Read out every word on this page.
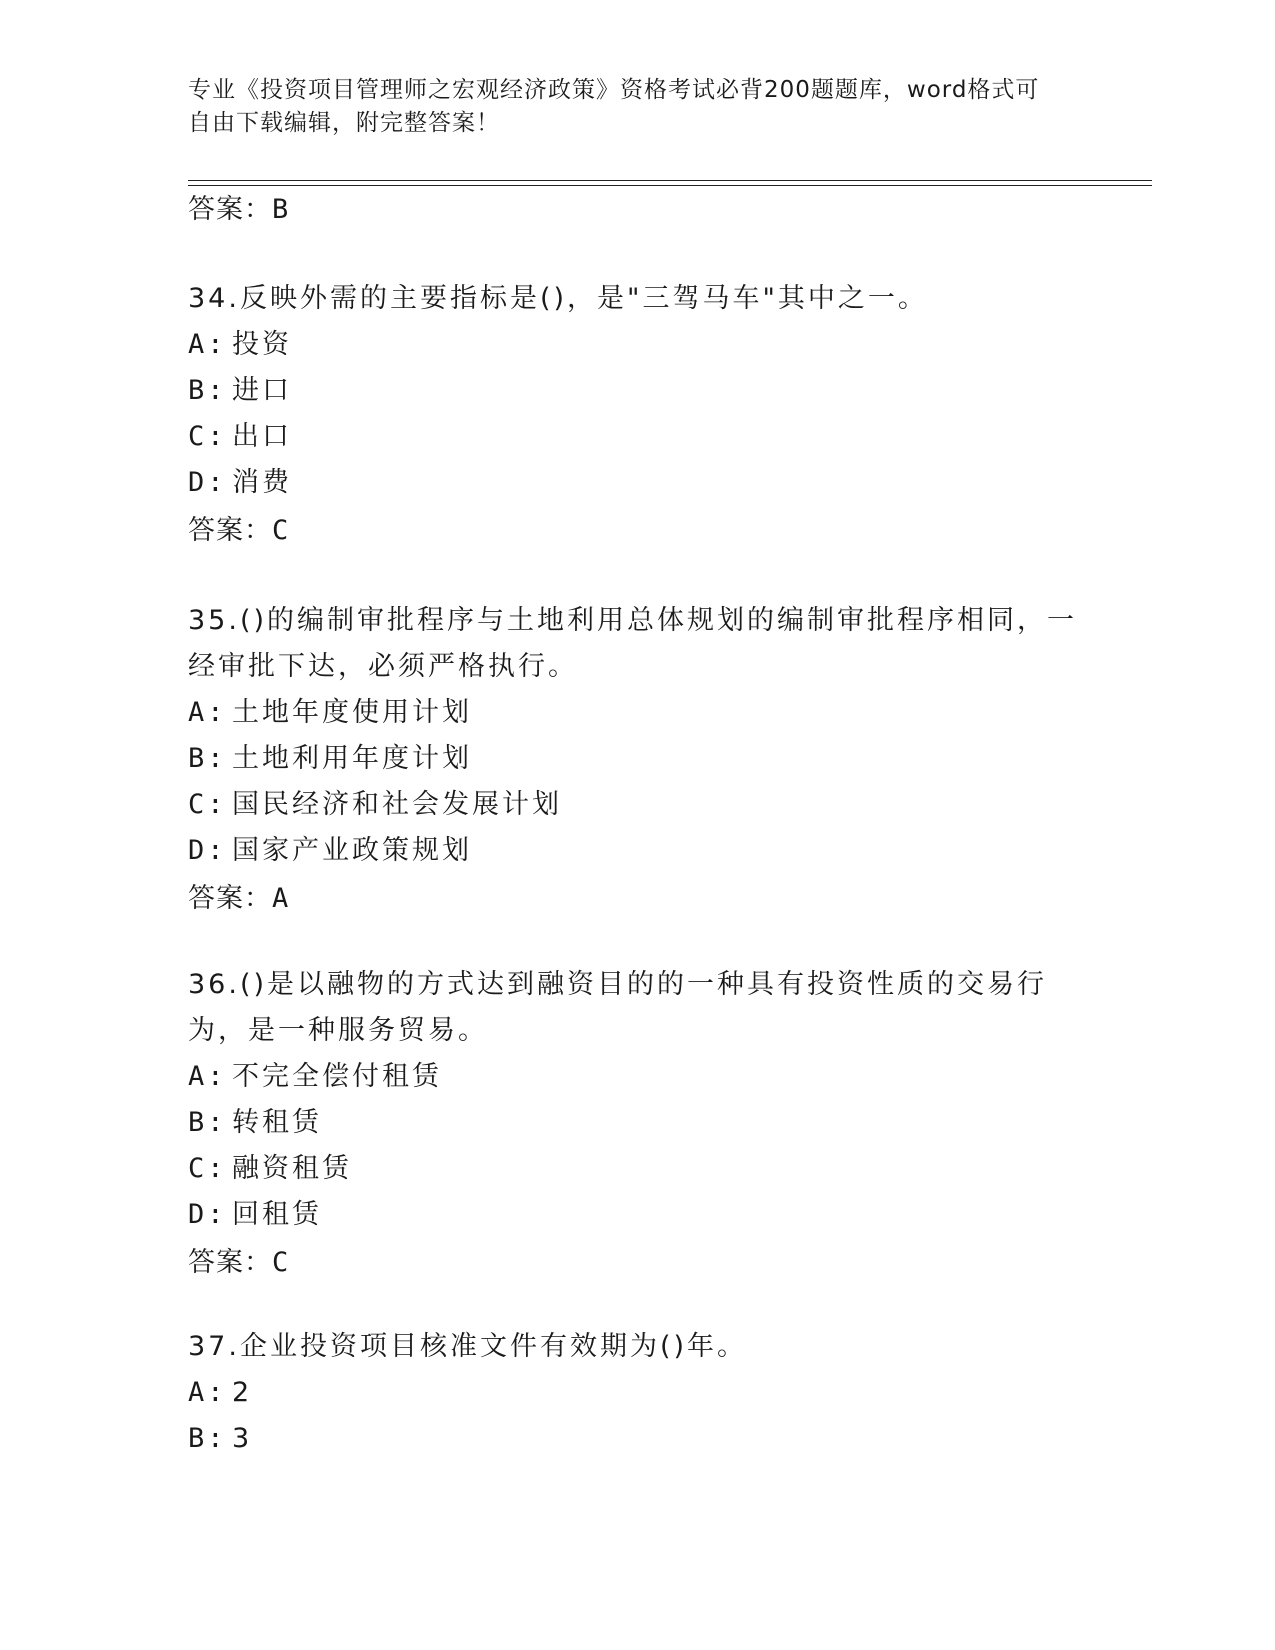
专业《投资项目管理师之宏观经济政策》资格考试必背200题题库，word格式可
自由下载编辑，附完整答案！
答案：B

34.反映外需的主要指标是()，是"三驾马车"其中之一。

A: 投资

B: 进口

C: 出口

D: 消费

答案：C

35.()的编制审批程序与土地利用总体规划的编制审批程序相同，一经审批下达，必须严格执行。

A: 土地年度使用计划

B: 土地利用年度计划

C: 国民经济和社会发展计划

D: 国家产业政策规划

答案：A

36.()是以融物的方式达到融资目的的一种具有投资性质的交易行为，是一种服务贸易。

A: 不完全偿付租赁

B: 转租赁

C: 融资租赁

D: 回租赁

答案：C

37.企业投资项目核准文件有效期为()年。

A: 2

B: 3
